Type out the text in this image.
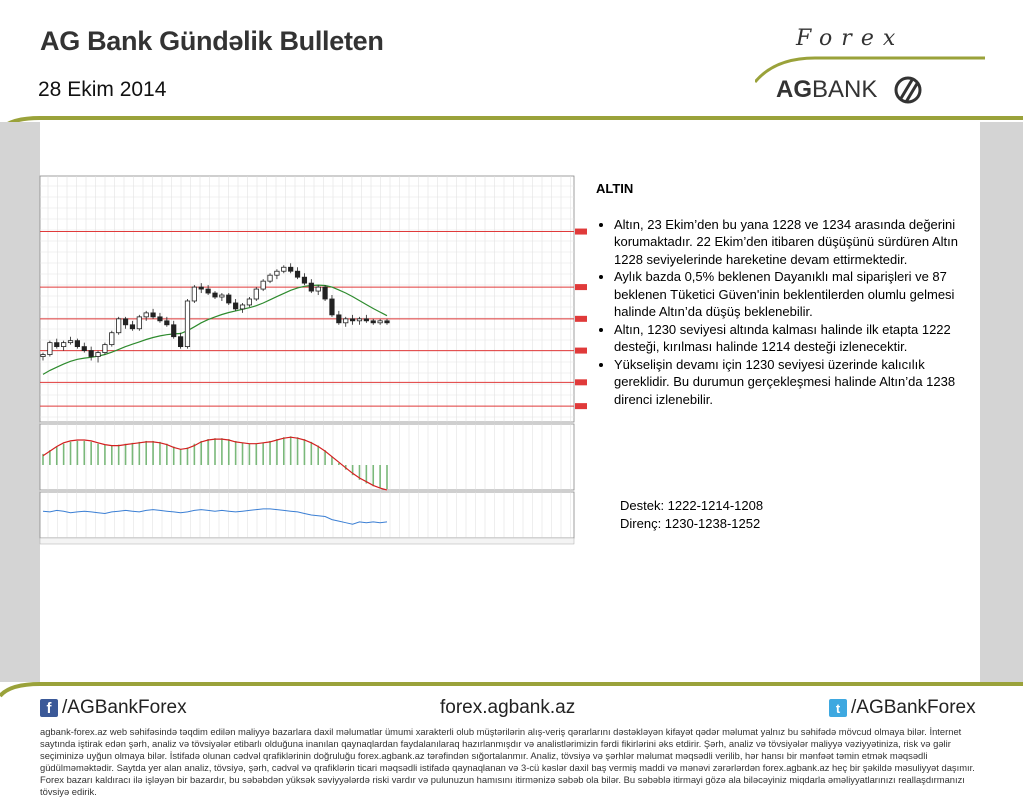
AG Bank Gündəlik Bulleten
28 Ekim 2014
Forex
AGBANK
ALTIN
• Altın, 23 Ekim’den bu yana 1228 ve 1234 arasında değerini korumaktadır. 22 Ekim’den itibaren düşüşünü sürdüren Altın 1228 seviyelerinde hareketine devam ettirmektedir.
• Aylık bazda 0,5% beklenen Dayanıklı mal siparişleri ve 87 beklenen Tüketici Güven'inin beklentilerden olumlu gelmesi halinde Altın’da düşüş beklenebilir.
• Altın, 1230 seviyesi altında kalması halinde ilk etapta 1222 desteği, kırılması halinde 1214 desteği izlenecektir.
• Yükselişin devamı için 1230 seviyesi üzerinde kalıcılık gereklidir. Bu durumun gerçekleşmesi halinde Altın’da 1238 direnci izlenebilir.
Destek: 1222-1214-1208
Direnç: 1230-1238-1252
f /AGBankForex	forex.agbank.az	t /AGBankForex
agbank-forex.az web səhifəsində təqdim edilən maliyyə bazarlara daxil məlumatlar ümumi xarakterli olub müştərilərin alış-veriş qərarlarını dəstəkləyən kifayət qədər məlumat yalnız bu səhifədə mövcud olmaya bilər. İnternet saytında iştirak edən şərh, analiz və tövsiyələr etibarlı olduğuna inanılan qaynaqlardan faydalanılaraq hazırlanmışdır və analistlərimizin fərdi fikirlərini əks etdirir. Şərh, analiz və tövsiyələr maliyyə vəziyyətiniza, risk və gəlir seçiminizə uyğun olmaya bilər. İstifadə olunan cədvəl qrafiklərinin doğruluğu forex.agbank.az tərəfindən sığortalanmır. Analiz, tövsiyə və şərhlər məlumat məqsədli verilib, hər hansı bir mənfəət təmin etmək məqsədli güdülməməktədir. Saytda yer alan analiz, tövsiyə, şərh, cədvəl və qrafiklərin ticari məqsədli istifadə qaynaqlanan və 3-cü kəslər daxil baş vermiş maddi və mənəvi zərərlərdən forex.agbank.az heç bir şəkildə məsuliyyət daşımır. Forex bazarı kaldıracı ilə işləyən bir bazardır, bu səbəbdən yüksək səviyyələrdə riski vardır və pulunuzun hamısını itirmənizə səbəb ola bilər. Bu səbəblə itirmayi gözə ala biləcəyiniz miqdarla əməliyyatlarınızı reallaşdırmanızı tövsiyə edirik.
